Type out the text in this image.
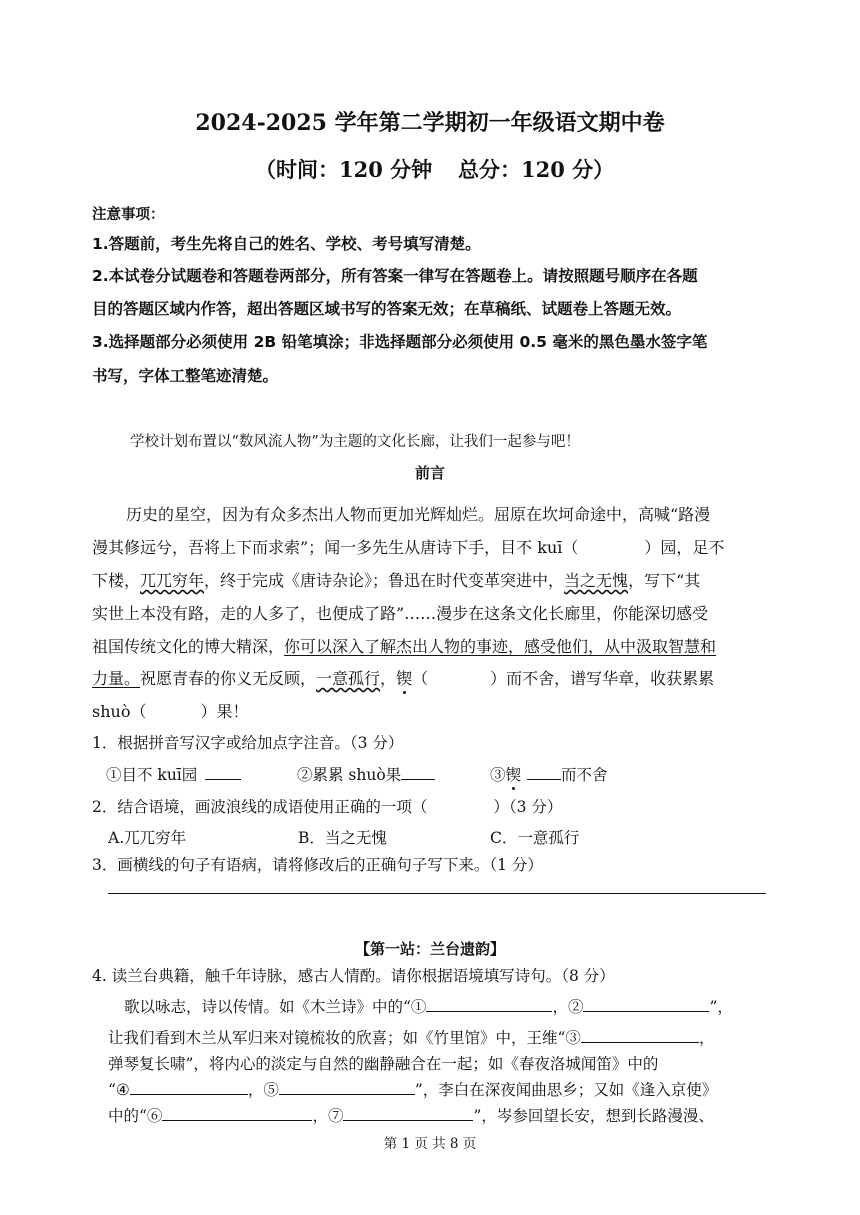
2024-2025 学年第二学期初一年级语文期中卷
（时间：120 分钟 总分：120 分）
注意事项：
1.答题前，考生先将自己的姓名、学校、考号填写清楚。
2.本试卷分试题卷和答题卷两部分，所有答案一律写在答题卷上。请按照题号顺序在各题
目的答题区域内作答，超出答题区域书写的答案无效；在草稿纸、试题卷上答题无效。
3.选择题部分必须使用 2B 铅笔填涂；非选择题部分必须使用 0.5 毫米的黑色墨水签字笔
书写，字体工整笔迹清楚。
学校计划布置以“数风流人物”为主题的文化长廊，让我们一起参与吧！
前言
历史的星空，因为有众多杰出人物而更加光辉灿烂。屈原在坎坷命途中，高喊“路漫
漫其修远兮，吾将上下而求索”；闻一多先生从唐诗下手，目不 kuī（	）园，足不
下楼，兀兀穷年，终于完成《唐诗杂论》；鲁迅在时代变革突进中，当之无愧，写下“其
实世上本没有路，走的人多了，也便成了路”……漫步在这条文化长廊里，你能深切感受
祖国传统文化的博大精深，你可以深入了解杰出人物的事迹，感受他们，从中汲取智慧和
力量。祝愿青春的你义无反顾，一意孤行，锲（	）而不舍，谱写华章，收获累累
shuò（	）果！
1．根据拼音写汉字或给加点字注音。（3 分）
①目不 kuī园	②累累 shuò果	③锲	而不舍
2．结合语境，画波浪线的成语使用正确的一项（	）（3 分）
A.兀兀穷年	B．当之无愧	C．一意孤行
3．画横线的句子有语病，请将修改后的正确句子写下来。（1 分）
【第一站：兰台遗韵】
4. 读兰台典籍，触千年诗脉，感古人情酌。请你根据语境填写诗句。（8 分）
歌以咏志，诗以传情。如《木兰诗》中的“①	，②	”，
让我们看到木兰从军归来对镜梳妆的欣喜；如《竹里馆》中，王维“③	，
弹琴复长啸”，将内心的淡定与自然的幽静融合在一起；如《春夜洛城闻笛》中的
“④	，⑤	”，李白在深夜闻曲思乡；又如《逢入京使》
中的“⑥	，⑦	”，岑参回望长安，想到长路漫漫、
第 1 页 共 8 页
